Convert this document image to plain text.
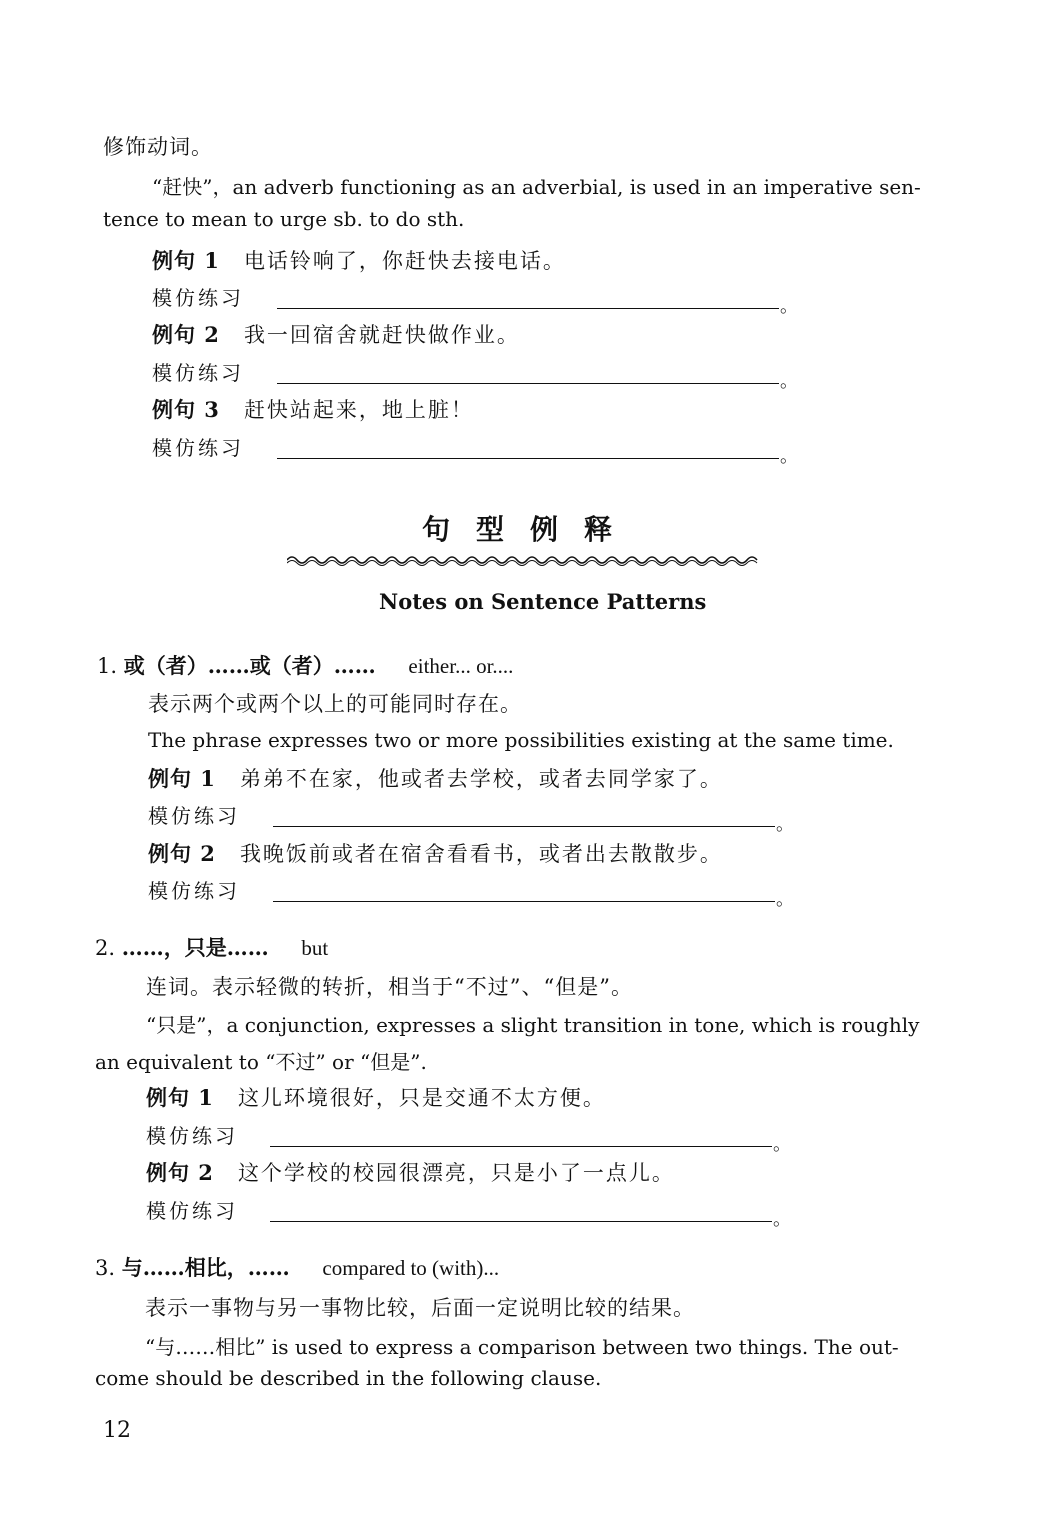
修饰动词。
“赶快”，an adverb functioning as an adverbial, is used in an imperative sen-
tence to mean to urge sb. to do sth.
例句 1 电话铃响了，你赶快去接电话。
模仿练习	。
例句 2 我一回宿舍就赶快做作业。
模仿练习	。
例句 3 赶快站起来，地上脏！
模仿练习	。
句型例释
Notes on Sentence Patterns
1. 或（者）……或（者）…… either... or....
表示两个或两个以上的可能同时存在。
The phrase expresses two or more possibilities existing at the same time.
例句 1 弟弟不在家，他或者去学校，或者去同学家了。
模仿练习	。
例句 2 我晚饭前或者在宿舍看看书，或者出去散散步。
模仿练习	。
2. ……，只是…… but
连词。表示轻微的转折，相当于“不过”、“但是”。
“只是”，a conjunction, expresses a slight transition in tone, which is roughly
an equivalent to “不过” or “但是”.
例句 1 这儿环境很好，只是交通不太方便。
模仿练习	。
例句 2 这个学校的校园很漂亮，只是小了一点儿。
模仿练习	。
3. 与……相比，…… compared to (with)...
表示一事物与另一事物比较，后面一定说明比较的结果。
“与……相比” is used to express a comparison between two things. The out-
come should be described in the following clause.
12
